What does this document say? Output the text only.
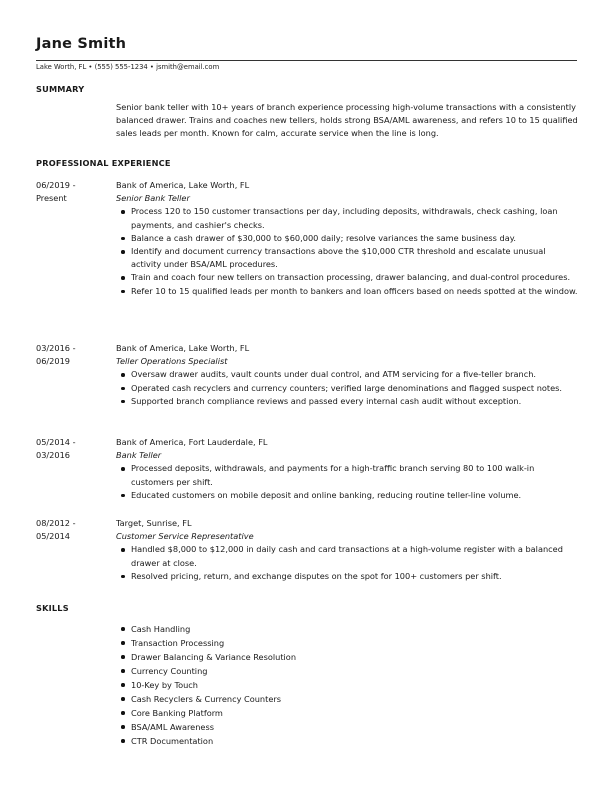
Jane Smith
Lake Worth, FL • (555) 555-1234 • jsmith@email.com
SUMMARY
Senior bank teller with 10+ years of branch experience processing high-volume transactions with a consistently balanced drawer. Trains and coaches new tellers, holds strong BSA/AML awareness, and refers 10 to 15 qualified sales leads per month. Known for calm, accurate service when the line is long.
PROFESSIONAL EXPERIENCE
06/2019 -
Present
Bank of America, Lake Worth, FL
Senior Bank Teller
Process 120 to 150 customer transactions per day, including deposits, withdrawals, check cashing, loan payments, and cashier's checks.
Balance a cash drawer of $30,000 to $60,000 daily; resolve variances the same business day.
Identify and document currency transactions above the $10,000 CTR threshold and escalate unusual activity under BSA/AML procedures.
Train and coach four new tellers on transaction processing, drawer balancing, and dual-control procedures.
Refer 10 to 15 qualified leads per month to bankers and loan officers based on needs spotted at the window.
03/2016 -
06/2019
Bank of America, Lake Worth, FL
Teller Operations Specialist
Oversaw drawer audits, vault counts under dual control, and ATM servicing for a five-teller branch.
Operated cash recyclers and currency counters; verified large denominations and flagged suspect notes.
Supported branch compliance reviews and passed every internal cash audit without exception.
05/2014 -
03/2016
Bank of America, Fort Lauderdale, FL
Bank Teller
Processed deposits, withdrawals, and payments for a high-traffic branch serving 80 to 100 walk-in customers per shift.
Educated customers on mobile deposit and online banking, reducing routine teller-line volume.
08/2012 -
05/2014
Target, Sunrise, FL
Customer Service Representative
Handled $8,000 to $12,000 in daily cash and card transactions at a high-volume register with a balanced drawer at close.
Resolved pricing, return, and exchange disputes on the spot for 100+ customers per shift.
SKILLS
Cash Handling
Transaction Processing
Drawer Balancing & Variance Resolution
Currency Counting
10-Key by Touch
Cash Recyclers & Currency Counters
Core Banking Platform
BSA/AML Awareness
CTR Documentation
